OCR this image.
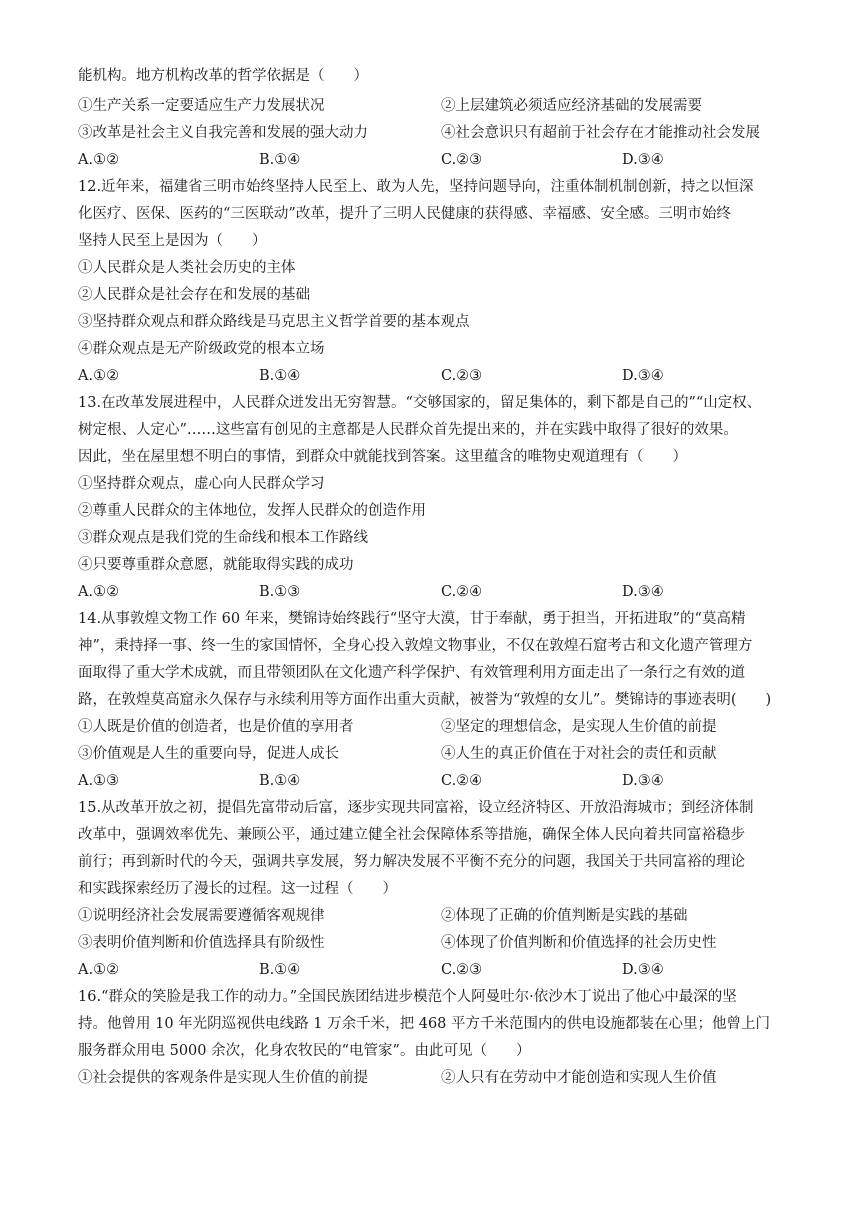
能机构。地方机构改革的哲学依据是（　　）
①生产关系一定要适应生产力发展状况	②上层建筑必须适应经济基础的发展需要
③改革是社会主义自我完善和发展的强大动力	④社会意识只有超前于社会存在才能推动社会发展
A.①②	B.①④	C.②③	D.③④
12.近年来，福建省三明市始终坚持人民至上、敢为人先，坚持问题导向，注重体制机制创新，持之以恒深
化医疗、医保、医药的“三医联动”改革，提升了三明人民健康的获得感、幸福感、安全感。三明市始终
坚持人民至上是因为（　　）
①人民群众是人类社会历史的主体
②人民群众是社会存在和发展的基础
③坚持群众观点和群众路线是马克思主义哲学首要的基本观点
④群众观点是无产阶级政党的根本立场
A.①②	B.①④	C.②③	D.③④
13.在改革发展进程中，人民群众迸发出无穷智慧。“交够国家的，留足集体的，剩下都是自己的”“山定权、
树定根、人定心”……这些富有创见的主意都是人民群众首先提出来的，并在实践中取得了很好的效果。
因此，坐在屋里想不明白的事情，到群众中就能找到答案。这里蕴含的唯物史观道理有（　　）
①坚持群众观点，虚心向人民群众学习
②尊重人民群众的主体地位，发挥人民群众的创造作用
③群众观点是我们党的生命线和根本工作路线
④只要尊重群众意愿，就能取得实践的成功
A.①②	B.①③	C.②④	D.③④
14.从事敦煌文物工作 60 年来，樊锦诗始终践行“坚守大漠，甘于奉献，勇于担当，开拓进取”的“莫高精
神”，秉持择一事、终一生的家国情怀，全身心投入敦煌文物事业，不仅在敦煌石窟考古和文化遗产管理方
面取得了重大学术成就，而且带领团队在文化遗产科学保护、有效管理利用方面走出了一条行之有效的道
路，在敦煌莫高窟永久保存与永续利用等方面作出重大贡献，被誉为“敦煌的女儿”。樊锦诗的事迹表明(　　)
①人既是价值的创造者，也是价值的享用者	②坚定的理想信念，是实现人生价值的前提
③价值观是人生的重要向导，促进人成长	④人生的真正价值在于对社会的责任和贡献
A.①③	B.①④	C.②④	D.③④
15.从改革开放之初，提倡先富带动后富，逐步实现共同富裕，设立经济特区、开放沿海城市；到经济体制
改革中，强调效率优先、兼顾公平，通过建立健全社会保障体系等措施，确保全体人民向着共同富裕稳步
前行；再到新时代的今天，强调共享发展，努力解决发展不平衡不充分的问题，我国关于共同富裕的理论
和实践探索经历了漫长的过程。这一过程（　　）
①说明经济社会发展需要遵循客观规律	②体现了正确的价值判断是实践的基础
③表明价值判断和价值选择具有阶级性	④体现了价值判断和价值选择的社会历史性
A.①②	B.①④	C.②③	D.③④
16.“群众的笑脸是我工作的动力。”全国民族团结进步模范个人阿曼吐尔·依沙木丁说出了他心中最深的坚
持。他曾用 10 年光阴巡视供电线路 1 万余千米，把 468 平方千米范围内的供电设施都装在心里；他曾上门
服务群众用电 5000 余次，化身农牧民的“电管家”。由此可见（　　）
①社会提供的客观条件是实现人生价值的前提	②人只有在劳动中才能创造和实现人生价值
